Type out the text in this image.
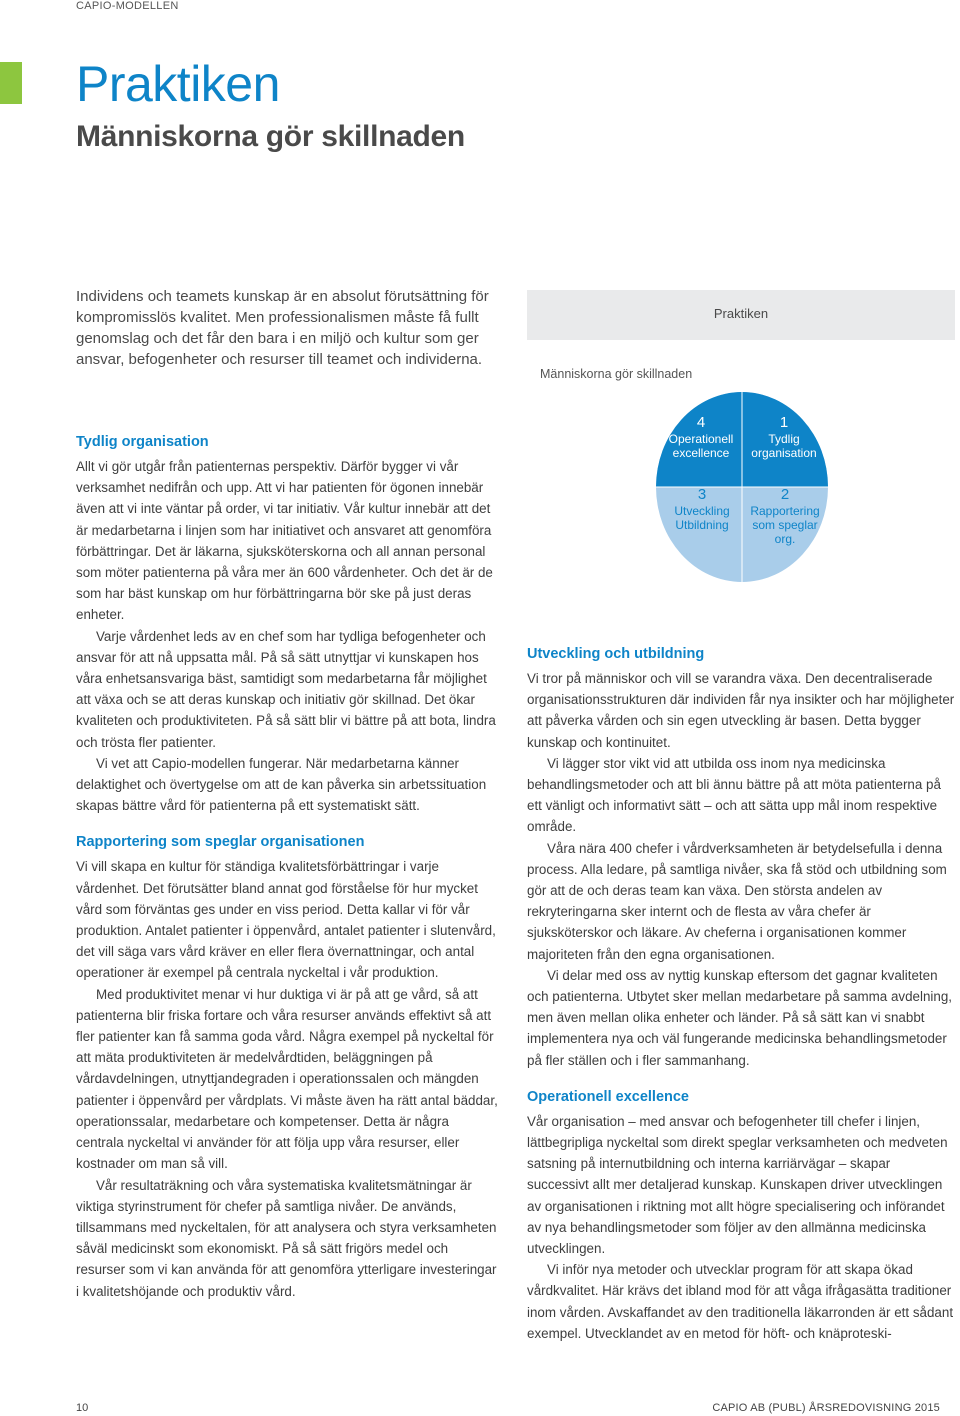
CAPIO-MODELLEN
Praktiken
Människorna gör skillnaden

Individens och teamets kunskap är en absolut förutsättning för kompromisslös kvalitet. Men professionalismen måste få fullt genomslag och det får den bara i en miljö och kultur som ger ansvar, befogenheter och resurser till teamet och individerna.

Praktiken
Människorna gör skillnaden
4
Operationell excellence
1
Tydlig organisation
3
Utveckling Utbildning
2
Rapportering som speglar org.
Tydlig organisation

Allt vi gör utgår från patienternas perspektiv. Därför bygger vi vår verksamhet nedifrån och upp. Att vi har patienten för ögonen innebär även att vi inte väntar på order, vi tar initiativ. Vår kultur innebär att det är medarbetarna i linjen som har initiativet och ansvaret att genomföra förbättringar. Det är läkarna, sjuksköterskorna och all annan personal som möter patienterna på våra mer än 600 vårdenheter. Och det är de som har bäst kunskap om hur förbättringarna bör ske på just deras enheter.

Varje vårdenhet leds av en chef som har tydliga befogenheter och ansvar för att nå uppsatta mål. På så sätt utnyttjar vi kunskapen hos våra enhetsansvariga bäst, samtidigt som medarbetarna får möjlighet att växa och se att deras kunskap och initiativ gör skillnad. Det ökar kvaliteten och produktiviteten. På så sätt blir vi bättre på att bota, lindra och trösta fler patienter.

Vi vet att Capio-modellen fungerar. När medarbetarna känner delaktighet och övertygelse om att de kan påverka sin arbetssituation skapas bättre vård för patienterna på ett systematiskt sätt.

Rapportering som speglar organisationen

Vi vill skapa en kultur för ständiga kvalitetsförbättringar i varje vårdenhet. Det förutsätter bland annat god förståelse för hur mycket vård som förväntas ges under en viss period. Detta kallar vi för vår produktion. Antalet patienter i öppenvård, antalet patienter i slutenvård, det vill säga vars vård kräver en eller flera övernattningar, och antal operationer är exempel på centrala nyckeltal i vår produktion.

Med produktivitet menar vi hur duktiga vi är på att ge vård, så att patienterna blir friska fortare och våra resurser används effektivt så att fler patienter kan få samma goda vård. Några exempel på nyckeltal för att mäta produktiviteten är medelvårdtiden, beläggningen på vårdavdelningen, utnyttjandegraden i operationssalen och mängden patienter i öppenvård per vårdplats. Vi måste även ha rätt antal bäddar, operationssalar, medarbetare och kompetenser. Detta är några centrala nyckeltal vi använder för att följa upp våra resurser, eller kostnader om man så vill.

Vår resultaträkning och våra systematiska kvalitetsmätningar är viktiga styrinstrument för chefer på samtliga nivåer. De används, tillsammans med nyckeltalen, för att analysera och styra verksamheten såväl medicinskt som ekonomiskt. På så sätt frigörs medel och resurser som vi kan använda för att genomföra ytterligare investeringar i kvalitetshöjande och produktiv vård.

Utveckling och utbildning

Vi tror på människor och vill se varandra växa. Den decentraliserade organisationsstrukturen där individen får nya insikter och har möjligheter att påverka vården och sin egen utveckling är basen. Detta bygger kunskap och kontinuitet.

Vi lägger stor vikt vid att utbilda oss inom nya medicinska behandlingsmetoder och att bli ännu bättre på att möta patienterna på ett vänligt och informativt sätt – och att sätta upp mål inom respektive område.

Våra nära 400 chefer i vårdverksamheten är betydelsefulla i denna process. Alla ledare, på samtliga nivåer, ska få stöd och utbildning som gör att de och deras team kan växa. Den största andelen av rekryteringarna sker internt och de flesta av våra chefer är sjuksköterskor och läkare. Av cheferna i organisationen kommer majoriteten från den egna organisationen.

Vi delar med oss av nyttig kunskap eftersom det gagnar kvaliteten och patienterna. Utbytet sker mellan medarbetare på samma avdelning, men även mellan olika enheter och länder. På så sätt kan vi snabbt implementera nya och väl fungerande medicinska behandlingsmetoder på fler ställen och i fler sammanhang.

Operationell excellence

Vår organisation – med ansvar och befogenheter till chefer i linjen, lättbegripliga nyckeltal som direkt speglar verksamheten och medveten satsning på internutbildning och interna karriärvägar – skapar successivt allt mer detaljerad kunskap. Kunskapen driver utvecklingen av organisationen i riktning mot allt högre specialisering och införandet av nya behandlingsmetoder som följer av den allmänna medicinska utvecklingen.

Vi inför nya metoder och utvecklar program för att skapa ökad vårdkvalitet. Här krävs det ibland mod för att våga ifrågasätta traditioner inom vården. Avskaffandet av den traditionella läkarronden är ett sådant exempel. Utvecklandet av en metod för höft- och knäproteski-

10	CAPIO AB (PUBL) ÅRSREDOVISNING 2015
